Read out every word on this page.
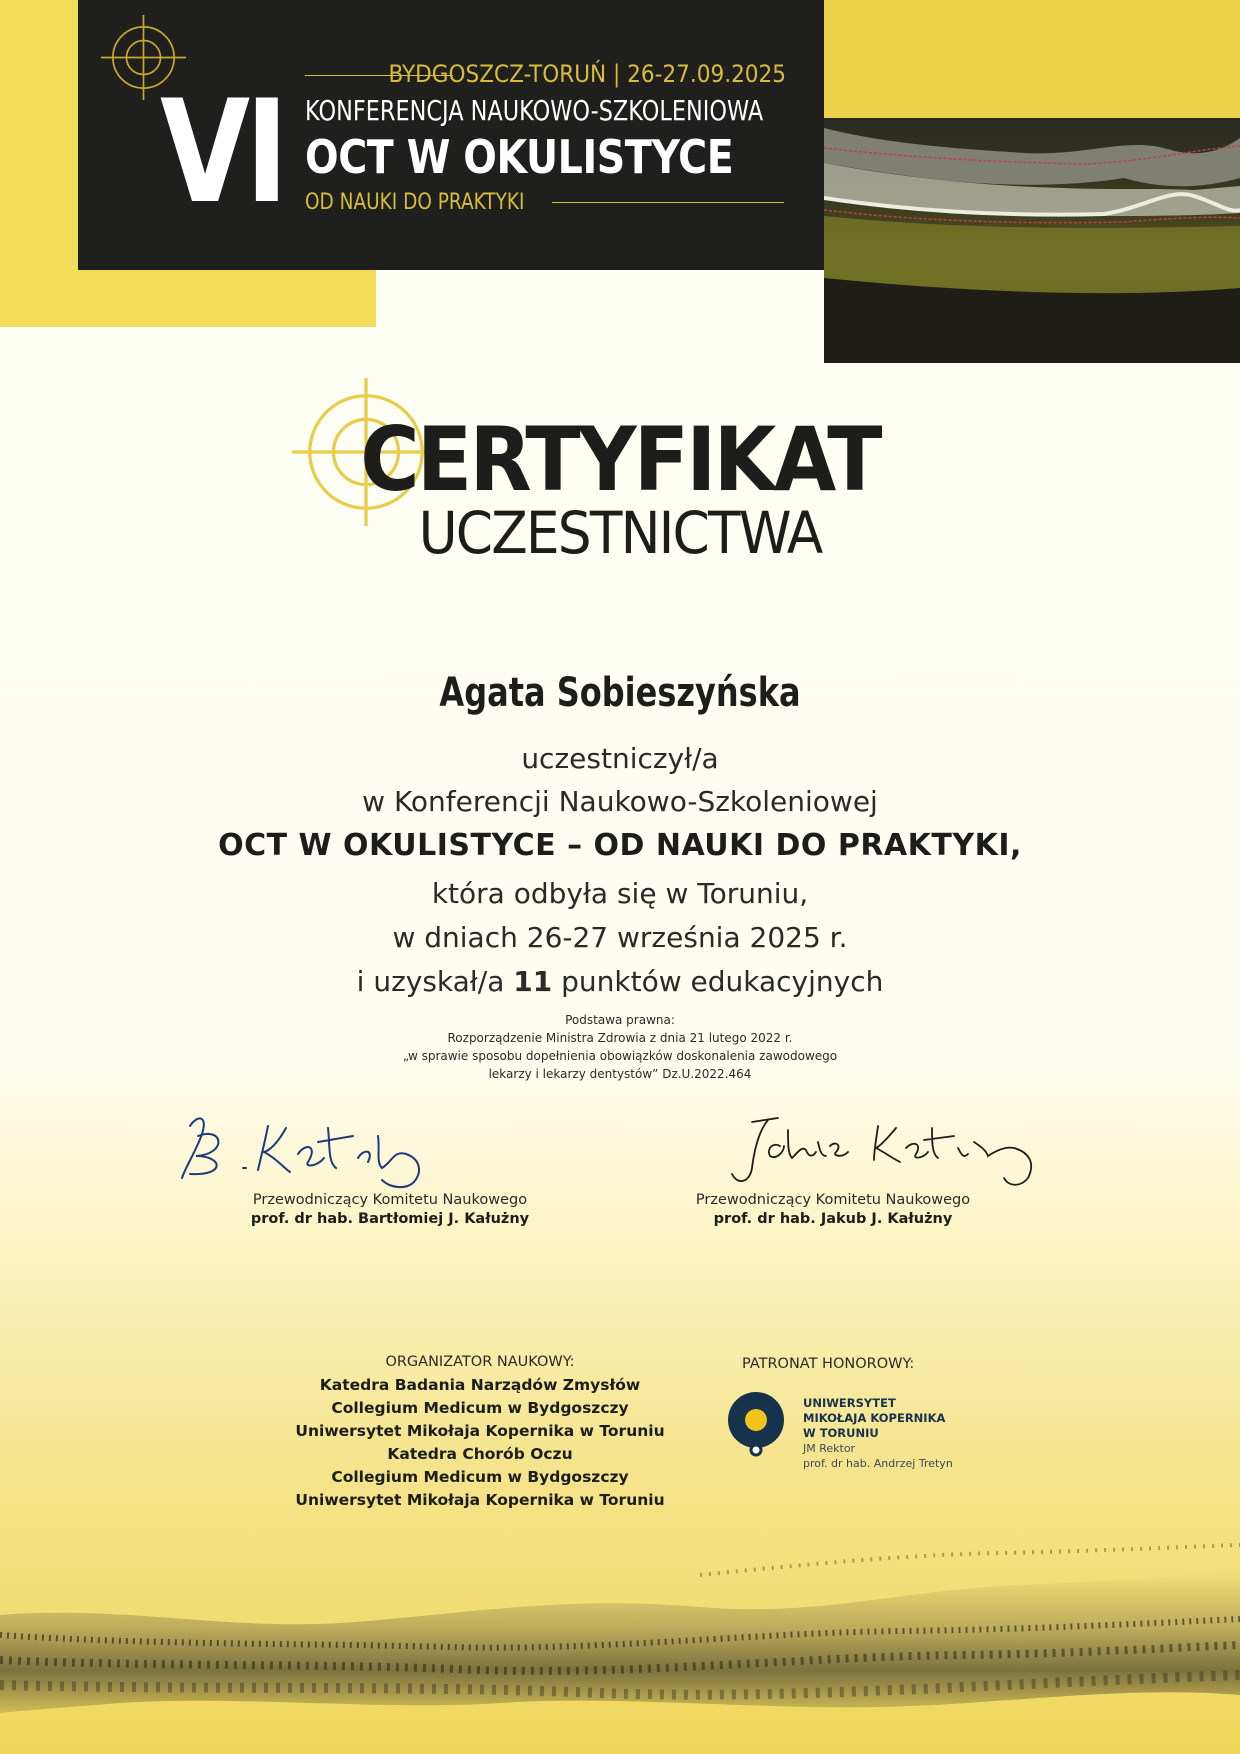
VI	BYDGOSZCZ-TORUŃ | 26-27.09.2025
KONFERENCJA NAUKOWO-SZKOLENIOWA
OCT W OKULISTYCE
OD NAUKI DO PRAKTYKI
CERTYFIKAT
UCZESTNICTWA
Agata Sobieszyńska
uczestniczył/a
w Konferencji Naukowo-Szkoleniowej
OCT W OKULISTYCE – OD NAUKI DO PRAKTYKI,
która odbyła się w Toruniu,
w dniach 26-27 września 2025 r.
i uzyskał/a 11 punktów edukacyjnych
Podstawa prawna:
Rozporządzenie Ministra Zdrowia z dnia 21 lutego 2022 r.
„w sprawie sposobu dopełnienia obowiązków doskonalenia zawodowego
lekarzy i lekarzy dentystów” Dz.U.2022.464
Przewodniczący Komitetu Naukowego
prof. dr hab. Bartłomiej J. Kałużny
Przewodniczący Komitetu Naukowego
prof. dr hab. Jakub J. Kałużny
ORGANIZATOR NAUKOWY:
Katedra Badania Narządów Zmysłów
Collegium Medicum w Bydgoszczy
Uniwersytet Mikołaja Kopernika w Toruniu
Katedra Chorób Oczu
Collegium Medicum w Bydgoszczy
Uniwersytet Mikołaja Kopernika w Toruniu
PATRONAT HONOROWY:
UNIWERSYTET
MIKOŁAJA KOPERNIKA
W TORUNIU
JM Rektor
prof. dr hab. Andrzej Tretyn
